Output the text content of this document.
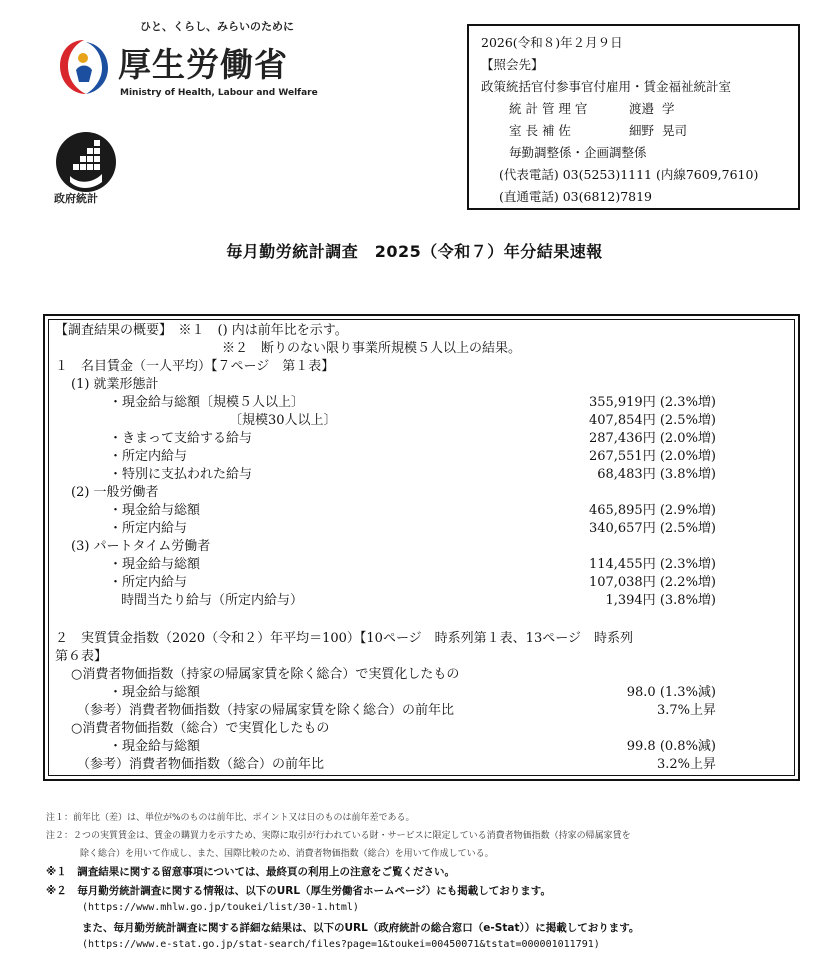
ひと、くらし、みらいのために
厚生労働省
Ministry of Health, Labour and Welfare
政府統計
2026(令和８)年２月９日
【照会先】
政策統括官付参事官付雇用・賃金福祉統計室
統 計 管 理 官	渡邉  学
室 長 補 佐	細野  晃司
毎勤調整係・企画調整係
(代表電話) 03(5253)1111 (内線7609,7610)
(直通電話) 03(6812)7819
毎月勤労統計調査　2025（令和７）年分結果速報
【調査結果の概要】　※１　() 内は前年比を示す。
※２　断りのない限り事業所規模５人以上の結果。
１　名目賃金（一人平均）【７ページ　第１表】
(1) 就業形態計
・現金給与総額〔規模５人以上〕	355,919円 (2.3%増)
〔規模30人以上〕	407,854円 (2.5%増)
・きまって支給する給与	287,436円 (2.0%増)
・所定内給与	267,551円 (2.0%増)
・特別に支払われた給与	68,483円 (3.8%増)
(2) 一般労働者
・現金給与総額	465,895円 (2.9%増)
・所定内給与	340,657円 (2.5%増)
(3) パートタイム労働者
・現金給与総額	114,455円 (2.3%増)
・所定内給与	107,038円 (2.2%増)
時間当たり給与（所定内給与）	1,394円 (3.8%増)
２　実質賃金指数（2020（令和２）年平均＝100）【10ページ　時系列第１表、13ページ　時系列
第６表】
○消費者物価指数（持家の帰属家賃を除く総合）で実質化したもの
・現金給与総額	98.0 (1.3%減)
（参考）消費者物価指数（持家の帰属家賃を除く総合）の前年比	3.7%上昇
○消費者物価指数（総合）で実質化したもの
・現金給与総額	99.8 (0.8%減)
（参考）消費者物価指数（総合）の前年比	3.2%上昇
注１：前年比（差）は、単位が%のものは前年比、ポイント又は日のものは前年差である。
注２：２つの実質賃金は、賃金の購買力を示すため、実際に取引が行われている財・サービスに限定している消費者物価指数（持家の帰属家賃を
除く総合）を用いて作成し、また、国際比較のため、消費者物価指数（総合）を用いて作成している。
※１　調査結果に関する留意事項については、最終頁の利用上の注意をご覧ください。
※２　毎月勤労統計調査に関する情報は、以下のURL（厚生労働省ホームページ）にも掲載しております。
(https://www.mhlw.go.jp/toukei/list/30-1.html)
また、毎月勤労統計調査に関する詳細な結果は、以下のURL（政府統計の総合窓口（e-Stat））に掲載しております。
(https://www.e-stat.go.jp/stat-search/files?page=1&toukei=00450071&tstat=000001011791)
